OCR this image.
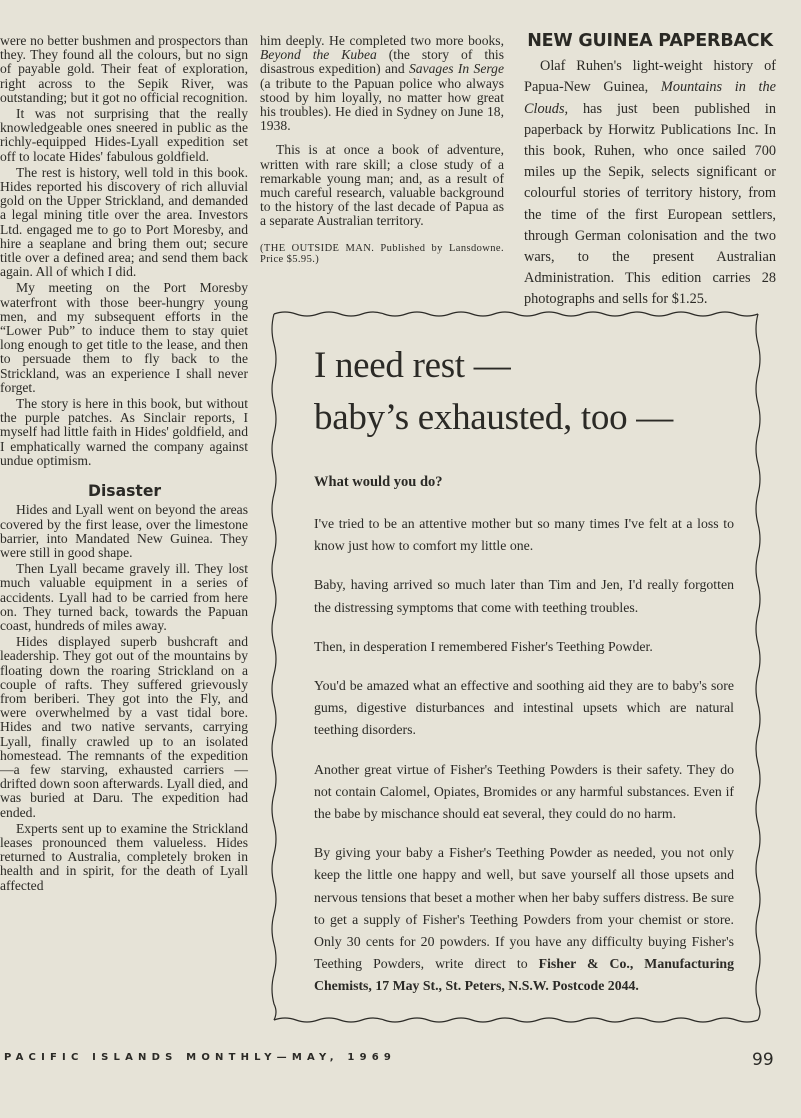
were no better bushmen and prospectors than they. They found all the colours, but no sign of payable gold. Their feat of exploration, right across to the Sepik River, was outstanding; but it got no official recognition.

It was not surprising that the really knowledgeable ones sneered in public as the richly-equipped Hides-Lyall expedition set off to locate Hides' fabulous goldfield.

The rest is history, well told in this book. Hides reported his discovery of rich alluvial gold on the Upper Strickland, and demanded a legal mining title over the area. Investors Ltd. engaged me to go to Port Moresby, and hire a seaplane and bring them out; secure title over a defined area; and send them back again. All of which I did.

My meeting on the Port Moresby waterfront with those beer-hungry young men, and my subsequent efforts in the “Lower Pub” to induce them to stay quiet long enough to get title to the lease, and then to persuade them to fly back to the Strickland, was an experience I shall never forget.

The story is here in this book, but without the purple patches. As Sinclair reports, I myself had little faith in Hides' goldfield, and I emphatically warned the company against undue optimism.

Disaster

Hides and Lyall went on beyond the areas covered by the first lease, over the limestone barrier, into Mandated New Guinea. They were still in good shape.

Then Lyall became gravely ill. They lost much valuable equipment in a series of accidents. Lyall had to be carried from here on. They turned back, towards the Papuan coast, hundreds of miles away.

Hides displayed superb bushcraft and leadership. They got out of the mountains by floating down the roaring Strickland on a couple of rafts. They suffered grievously from beriberi. They got into the Fly, and were overwhelmed by a vast tidal bore. Hides and two native servants, carrying Lyall, finally crawled up to an isolated homestead. The remnants of the expedition—a few starving, exhausted carriers — drifted down soon afterwards. Lyall died, and was buried at Daru. The expedition had ended.

Experts sent up to examine the Strickland leases pronounced them valueless. Hides returned to Australia, completely broken in health and in spirit, for the death of Lyall affected

him deeply. He completed two more books, Beyond the Kubea (the story of this disastrous expedition) and Savages In Serge (a tribute to the Papuan police who always stood by him loyally, no matter how great his troubles). He died in Sydney on June 18, 1938.

This is at once a book of adventure, written with rare skill; a close study of a remarkable young man; and, as a result of much careful research, valuable background to the history of the last decade of Papua as a separate Australian territory.

(THE OUTSIDE MAN. Published by Lansdowne. Price $5.95.)

NEW GUINEA PAPERBACK

Olaf Ruhen's light-weight history of Papua-New Guinea, Mountains in the Clouds, has just been published in paperback by Horwitz Publications Inc. In this book, Ruhen, who once sailed 700 miles up the Sepik, selects significant or colourful stories of territory history, from the time of the first European settlers, through German colonisation and the two wars, to the present Australian Administration. This edition carries 28 photographs and sells for $1.25.

I need rest —
baby’s exhausted, too —
What would you do?

I've tried to be an attentive mother but so many times I've felt at a loss to know just how to comfort my little one.

Baby, having arrived so much later than Tim and Jen, I'd really forgotten the distressing symptoms that come with teething troubles.

Then, in desperation I remembered Fisher's Teething Powder.

You'd be amazed what an effective and soothing aid they are to baby's sore gums, digestive disturbances and intestinal upsets which are natural teething disorders.

Another great virtue of Fisher's Teething Powders is their safety. They do not contain Calomel, Opiates, Bromides or any harmful substances. Even if the babe by mischance should eat several, they could do no harm.

By giving your baby a Fisher's Teething Powder as needed, you not only keep the little one happy and well, but save yourself all those upsets and nervous tensions that beset a mother when her baby suffers distress. Be sure to get a supply of Fisher's Teething Powders from your chemist or store. Only 30 cents for 20 powders. If you have any difficulty buying Fisher's Teething Powders, write direct to Fisher & Co., Manufacturing Chemists, 17 May St., St. Peters, N.S.W. Postcode 2044.

PACIFIC ISLANDS MONTHLY—MAY, 1969	99
